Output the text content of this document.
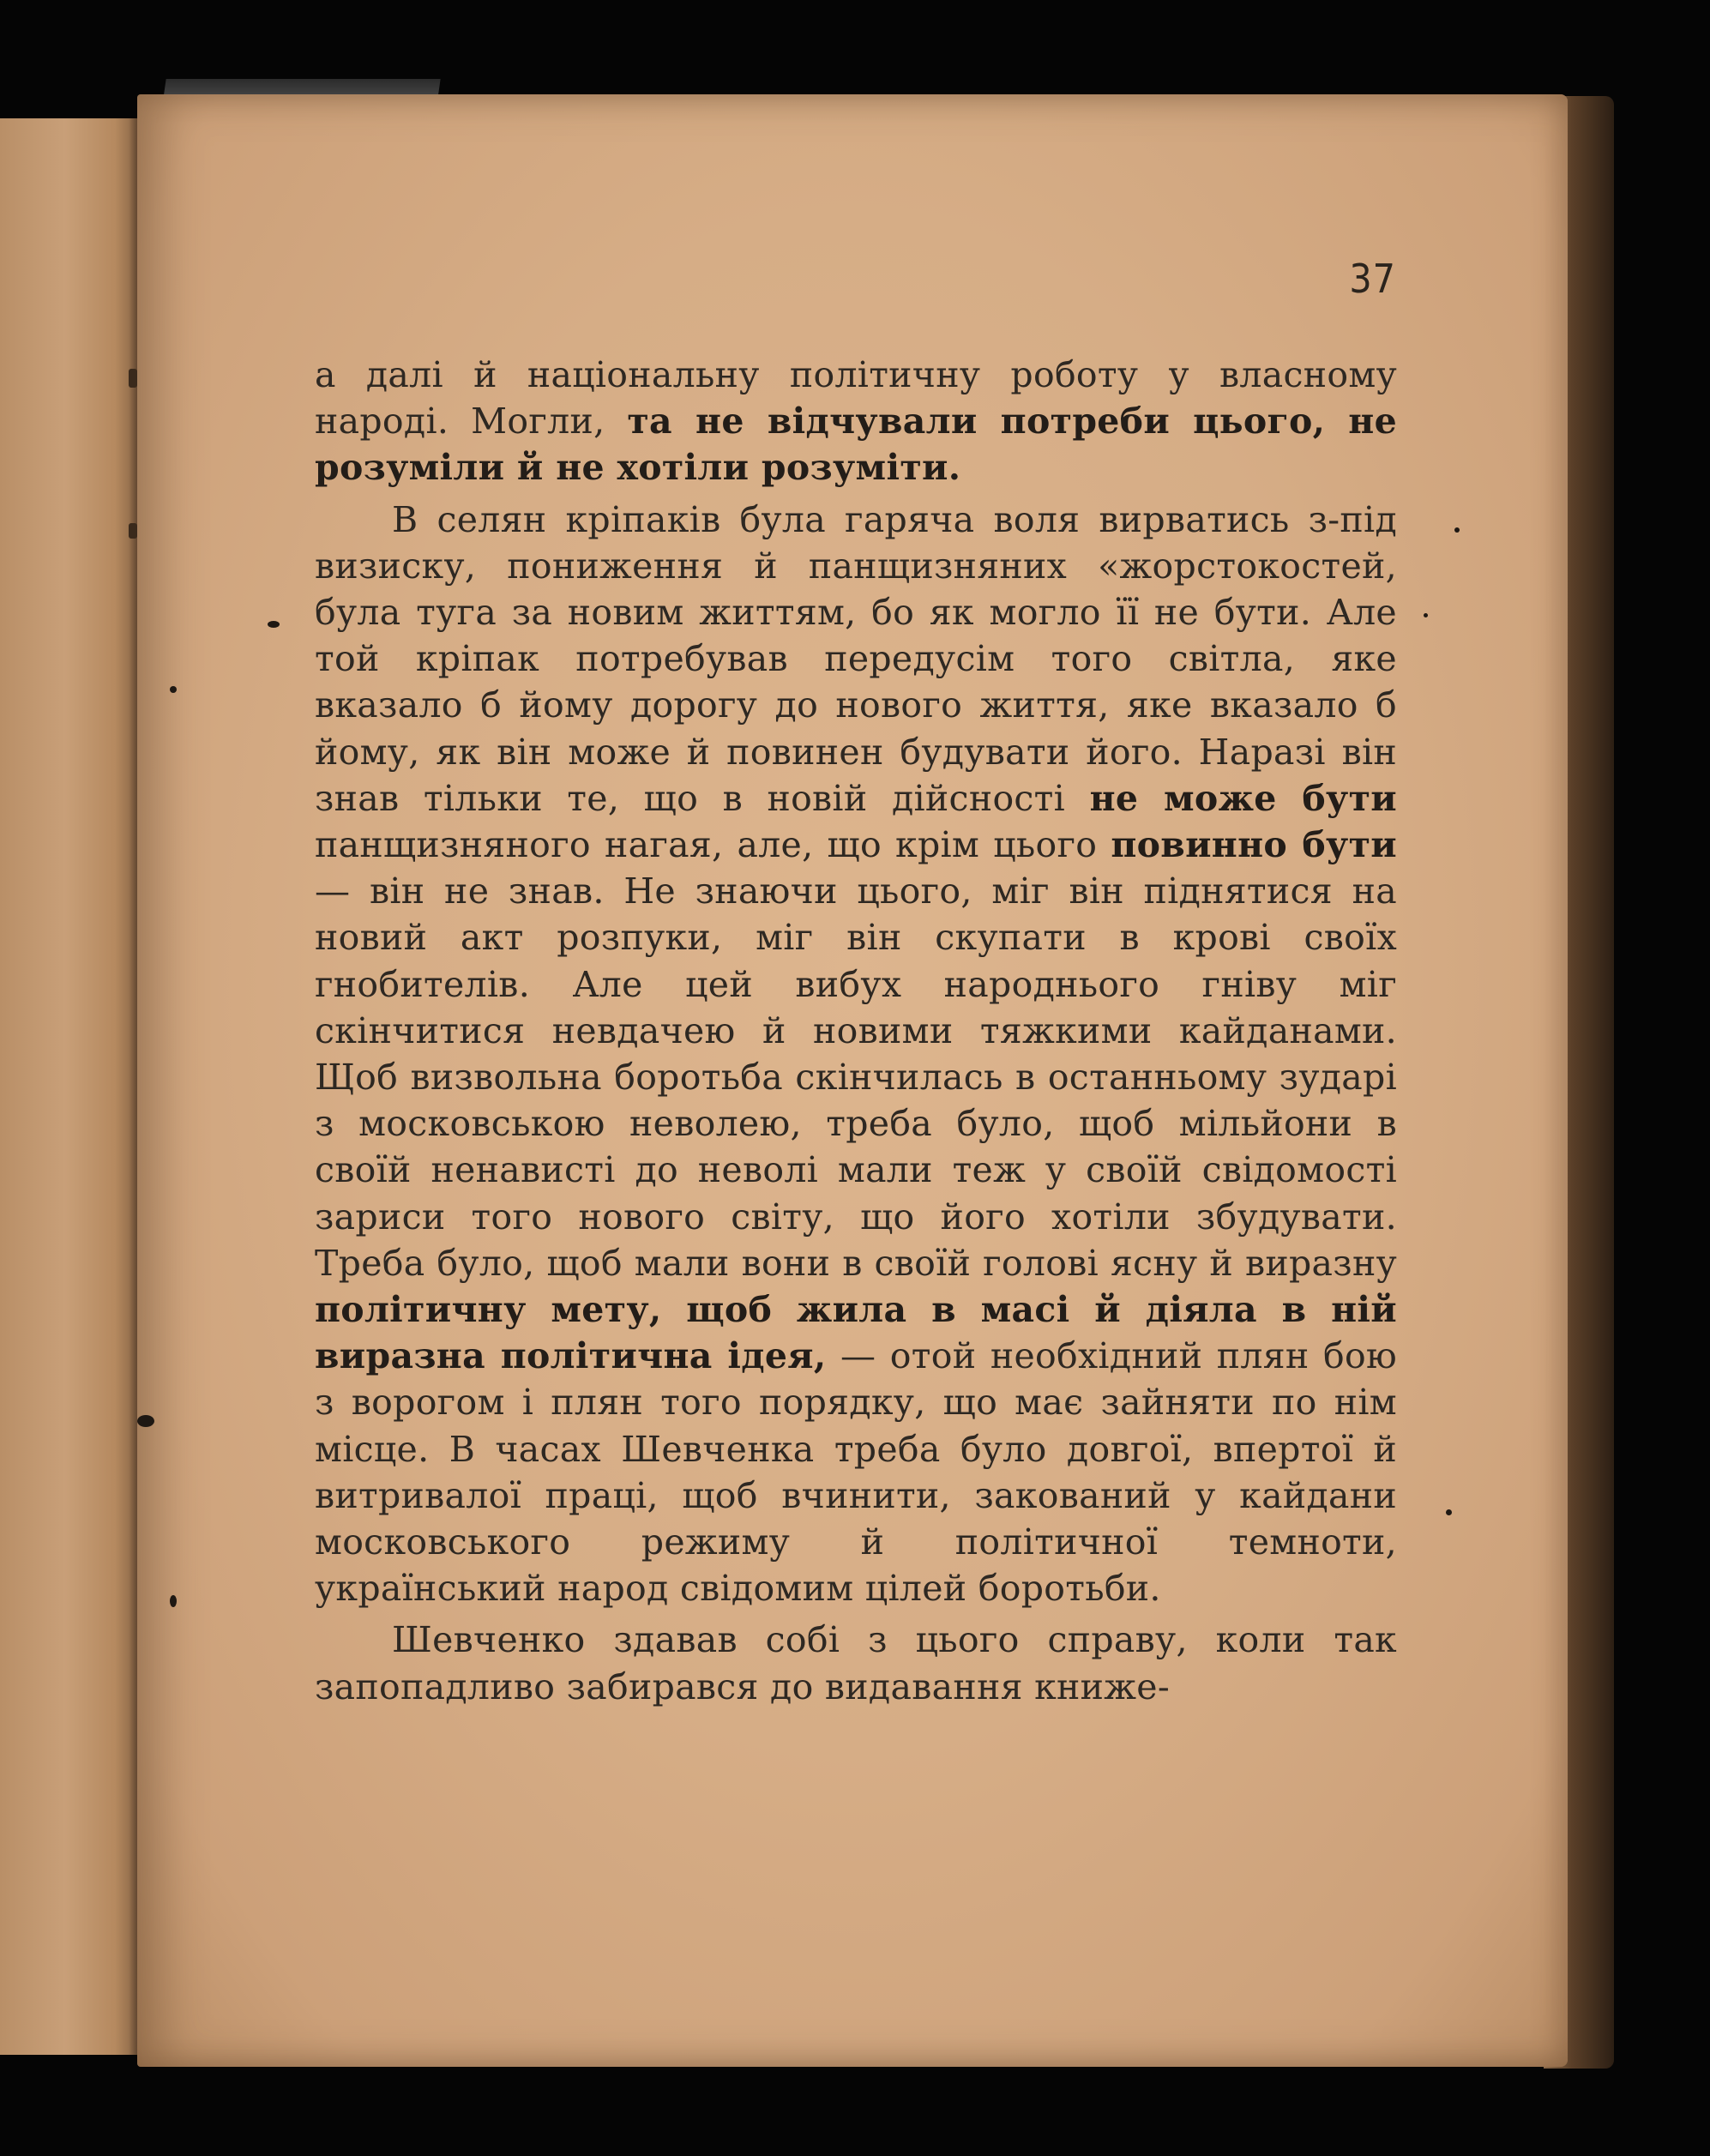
37

а далі й національну політичну роботу у власному народі. Могли, та не відчували потреби цього, не розуміли й не хотіли розуміти.

В селян кріпаків була гаряча воля вирватись з-під визиску, пониження й панщизняних «жорстокостей, була туга за новим життям, бо як могло її не бути. Але той кріпак потребував передусім того світла, яке вказало б йому дорогу до нового життя, яке вказало б йому, як він може й повинен будувати його. Наразі він знав тільки те, що в новій дійсності не може бути панщизняного нагая, але, що крім цього повинно бути — він не знав. Не знаючи цього, міг він піднятися на новий акт розпуки, міг він скупати в крові своїх гнобителів. Але цей вибух народнього гніву міг скінчитися невдачею й новими тяжкими кайданами. Щоб визвольна боротьба скінчилась в останньому зударі з московською неволею, треба було, щоб мільйони в своїй ненависті до неволі мали теж у своїй свідомості зариси того нового світу, що його хотіли збудувати. Треба було, щоб мали вони в своїй голові ясну й виразну політичну мету, щоб жила в масі й діяла в ній виразна політична ідея, — отой необхідний плян бою з ворогом і плян того порядку, що має зайняти по нім місце. В часах Шевченка треба було довгої, впертої й витривалої праці, щоб вчинити, закований у кайдани московського режиму й політичної темноти, український народ свідомим цілей боротьби.

Шевченко здавав собі з цього справу, коли так запопадливо забирався до видавання книже-
